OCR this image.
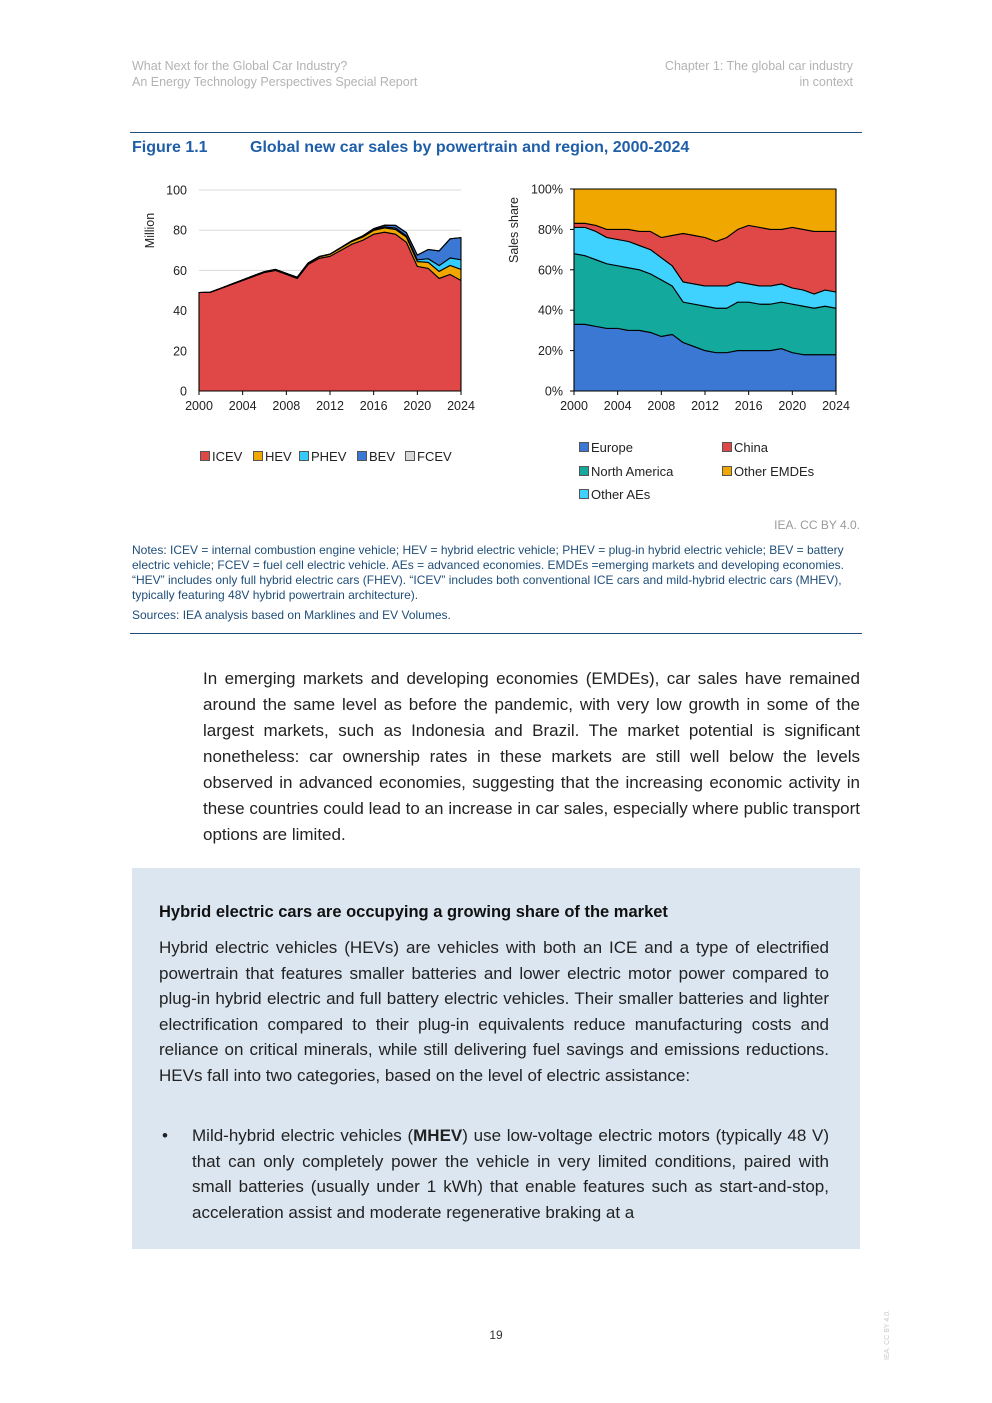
What Next for the Global Car Industry?
An Energy Technology Perspectives Special Report
Chapter 1: The global car industry
in context
Figure 1.1	Global new car sales by powertrain and region, 2000-2024
2000 2004 2008 2012 2016 2020 2024
0
20
40
60
80
100
Million
2000 2004 2008 2012 2016 2020 2024
0%
20%
40%
60%
80%
100%
Sales share
ICEV	HEV	PHEV	BEV	FCEV
Europe	China
North America	Other EMDEs
Other AEs
IEA. CC BY 4.0.
Notes: ICEV = internal combustion engine vehicle; HEV = hybrid electric vehicle; PHEV = plug-in hybrid electric vehicle; BEV = battery electric vehicle; FCEV = fuel cell electric vehicle. AEs = advanced economies. EMDEs =emerging markets and developing economies. “HEV” includes only full hybrid electric cars (FHEV). “ICEV” includes both conventional ICE cars and mild-hybrid electric cars (MHEV), typically featuring 48V hybrid powertrain architecture).
Sources: IEA analysis based on Marklines and EV Volumes.
In emerging markets and developing economies (EMDEs), car sales have remained around the same level as before the pandemic, with very low growth in some of the largest markets, such as Indonesia and Brazil. The market potential is significant nonetheless: car ownership rates in these markets are still well below the levels observed in advanced economies, suggesting that the increasing economic activity in these countries could lead to an increase in car sales, especially where public transport options are limited.
Hybrid electric cars are occupying a growing share of the market
Hybrid electric vehicles (HEVs) are vehicles with both an ICE and a type of electrified powertrain that features smaller batteries and lower electric motor power compared to plug-in hybrid electric and full battery electric vehicles. Their smaller batteries and lighter electrification compared to their plug-in equivalents reduce manufacturing costs and reliance on critical minerals, while still delivering fuel savings and emissions reductions. HEVs fall into two categories, based on the level of electric assistance:
• Mild-hybrid electric vehicles (MHEV) use low-voltage electric motors (typically 48 V) that can only completely power the vehicle in very limited conditions, paired with small batteries (usually under 1 kWh) that enable features such as start-and-stop, acceleration assist and moderate regenerative braking at a
19	IEA. CC BY 4.0.
